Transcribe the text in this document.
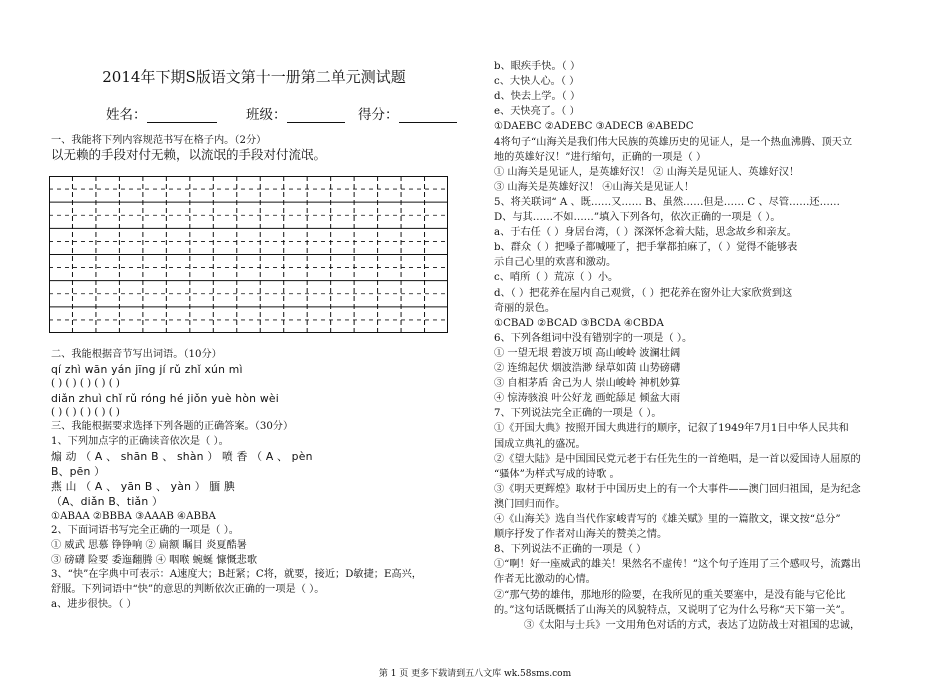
2014年下期S版语文第十一册第二单元测试题
姓名：	班级：	得分：
一、我能将下列内容规范书写在格子内。（2分）
以无赖的手段对付无赖，以流氓的手段对付流氓。
二、我能根据音节写出词语。（10分）
qí zhì wān yán jīng jí rǔ zhǐ xún mì
( ) ( ) ( ) ( ) ( )
diǎn zhuì chǐ rǔ róng hé jiǒn yuè hòn wèi
( ) ( ) ( ) ( ) ( )
三、我能根据要求选择下列各题的正确答案。（30分）
1、下列加点字的正确读音依次是（ ）。
煽 动 （ A 、 shān B 、 shàn ） 喷 香 （ A 、 pèn
B、pēn ）
燕 山 （ A 、 yān B 、 yàn ） 腼 腆
（A、diǎn B、tiǎn ）
①ABAA ②BBBA ③AAAB ④ABBA
2、下面词语书写完全正确的一项是（ ）。
① 威武 思慕 铮铮响 ② 扁额 瞩目 炎夏酷暑
③ 磅礴 险要 委迤翻腾 ④ 咽喉 蜿蜒 慷慨悲歌
3、“快”在字典中可表示：A速度大；B赶紧；C将，就要，接近；D敏捷；E高兴，
舒服。下列词语中“快”的意思的判断依次正确的一项是（ ）。
a、进步很快。（ ）
b、眼疾手快。（ ）
c、大快人心。（ ）
d、快去上学。（ ）
e、天快亮了。（ ）
①DAEBC ②ADEBC ③ADECB ④ABEDC
4将句子“山海关是我们伟大民族的英雄历史的见证人，是一个热血沸腾、顶天立
地的英雄好汉！”进行缩句，正确的一项是（ ）
① 山海关是见证人，是英雄好汉！ ② 山海关是见证人、英雄好汉！
③ 山海关是英雄好汉！ ④山海关是见证人！
5、将关联词“ A 、既……又…… B、虽然……但是…… C 、尽管……还……
D、与其……不如……”填入下列各句，依次正确的一项是（ ）。
a、于右任（ ）身居台湾，（ ）深深怀念着大陆，思念故乡和亲友。
b、群众（ ）把嗓子都喊哑了，把手掌都拍麻了，（ ）觉得不能够表
示自己心里的欢喜和激动。
c、哨所（ ）荒凉（ ）小。
d、（ ）把花养在屋内自己观赏，（ ）把花养在窗外让大家欣赏到这
奇丽的景色。
①CBAD ②BCAD ③BCDA ④CBDA
6、下列各组词中没有错别字的一项是（ ）。
① 一望无垠 碧波万顷 高山峻岭 波澜壮阔
② 连绵起伏 烟波浩渺 绿草如茵 山势磅礴
③ 自相茅盾 舍己为人 崇山峻岭 神机妙算
④ 惊涛骇浪 叶公好龙 画蛇舔足 倾盆大雨
7、下列说法完全正确的一项是（ ）。
①《开国大典》按照开国大典进行的顺序，记叙了1949年7月1日中华人民共和
国成立典礼的盛况。
②《望大陆》是中国国民党元老于右任先生的一首绝唱，是一首以爱国诗人屈原的
“骚体”为样式写成的诗歌 。
③《明天更辉煌》取材于中国历史上的有一个大事件——澳门回归祖国，是为纪念
澳门回归而作。
④《山海关》选自当代作家峻青写的《雄关赋》里的一篇散文，课文按“总分”
顺序抒发了作者对山海关的赞美之情。
8、下列说法不正确的一项是（ ）
①“啊！好一座威武的雄关！果然名不虚传！”这个句子连用了三个感叹号，流露出
作者无比激动的心情。
②“那气势的雄伟，那地形的险要，在我所见的重关要塞中，是没有能与它伦比
的。”这句话既概括了山海关的风貌特点，又说明了它为什么号称“天下第一关”。
③《太阳与士兵》一文用角色对话的方式，表达了边防战士对祖国的忠诚，
第 1 页 更多下载请到五八文库 wk.58sms.com
